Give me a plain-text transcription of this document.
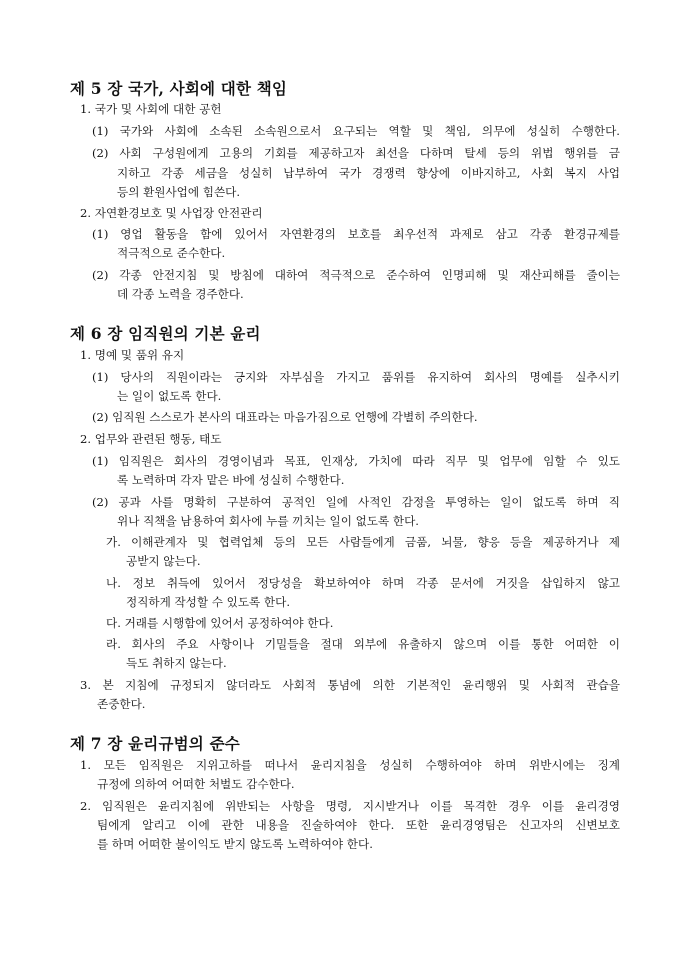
제 5 장 국가, 사회에 대한 책임

1. 국가 및 사회에 대한 공헌

(1) 국가와 사회에 소속된 소속원으로서 요구되는 역할 및 책임, 의무에 성실히 수행한다.

(2) 사회 구성원에게 고용의 기회를 제공하고자 최선을 다하며 탈세 등의 위법 행위를 금

지하고 각종 세금을 성실히 납부하여 국가 경쟁력 향상에 이바지하고, 사회 복지 사업

등의 환원사업에 힘쓴다.

2. 자연환경보호 및 사업장 안전관리

(1) 영업 활동을 함에 있어서 자연환경의 보호를 최우선적 과제로 삼고 각종 환경규제를

적극적으로 준수한다.

(2) 각종 안전지침 및 방침에 대하여 적극적으로 준수하여 인명피해 및 재산피해를 줄이는

데 각종 노력을 경주한다.

제 6 장 임직원의 기본 윤리

1. 명예 및 품위 유지

(1) 당사의 직원이라는 긍지와 자부심을 가지고 품위를 유지하여 회사의 명예를 실추시키

는 일이 없도록 한다.

(2) 임직원 스스로가 본사의 대표라는 마음가짐으로 언행에 각별히 주의한다.

2. 업무와 관련된 행동, 태도

(1) 임직원은 회사의 경영이념과 목표, 인재상, 가치에 따라 직무 및 업무에 임할 수 있도

록 노력하며 각자 맡은 바에 성실히 수행한다.

(2) 공과 사를 명확히 구분하여 공적인 일에 사적인 감정을 투영하는 일이 없도록 하며 직

위나 직책을 남용하여 회사에 누를 끼치는 일이 없도록 한다.

가. 이해관계자 및 협력업체 등의 모든 사람들에게 금품, 뇌물, 향응 등을 제공하거나 제

공받지 않는다.

나. 정보 취득에 있어서 정당성을 확보하여야 하며 각종 문서에 거짓을 삽입하지 않고

정직하게 작성할 수 있도록 한다.

다. 거래를 시행함에 있어서 공정하여야 한다.

라. 회사의 주요 사항이나 기밀들을 절대 외부에 유출하지 않으며 이를 통한 어떠한 이

득도 취하지 않는다.

3. 본 지침에 규정되지 않더라도 사회적 통념에 의한 기본적인 윤리행위 및 사회적 관습을

존중한다.

제 7 장 윤리규범의 준수

1. 모든 임직원은 지위고하를 떠나서 윤리지침을 성실히 수행하여야 하며 위반시에는 징계

규정에 의하여 어떠한 처벌도 감수한다.

2. 임직원은 윤리지침에 위반되는 사항을 명령, 지시받거나 이를 목격한 경우 이를 윤리경영

팀에게 알리고 이에 관한 내용을 진술하여야 한다. 또한 윤리경영팀은 신고자의 신변보호

를 하며 어떠한 불이익도 받지 않도록 노력하여야 한다.
